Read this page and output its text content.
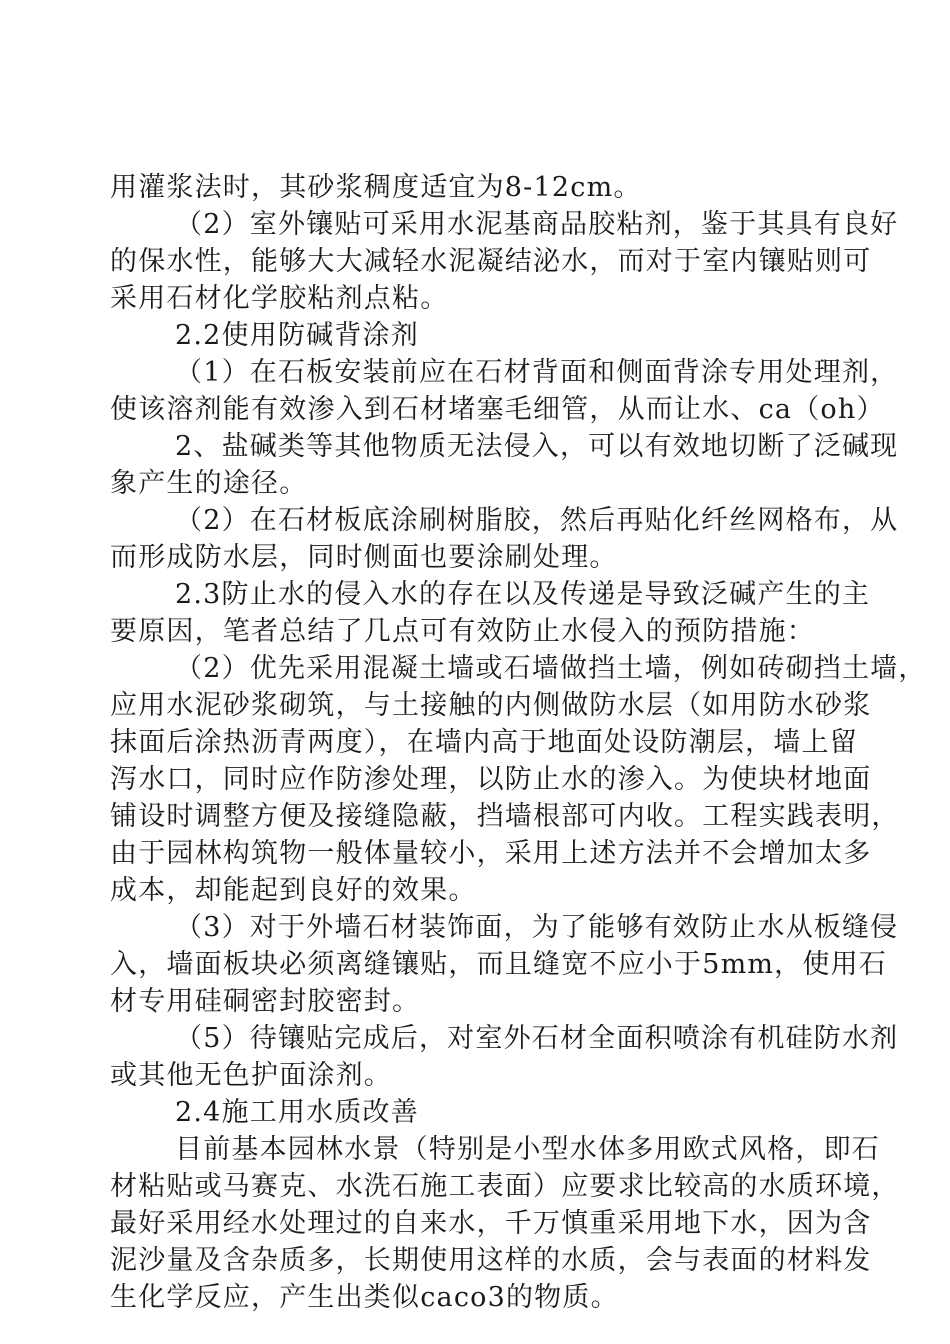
用灌浆法时，其砂浆稠度适宜为8-12cm。
（2）室外镶贴可采用水泥基商品胶粘剂，鉴于其具有良好
的保水性，能够大大减轻水泥凝结泌水，而对于室内镶贴则可
采用石材化学胶粘剂点粘。
2.2使用防碱背涂剂
（1）在石板安装前应在石材背面和侧面背涂专用处理剂，
使该溶剂能有效渗入到石材堵塞毛细管，从而让水、ca（oh）
2、盐碱类等其他物质无法侵入，可以有效地切断了泛碱现
象产生的途径。
（2）在石材板底涂刷树脂胶，然后再贴化纤丝网格布，从
而形成防水层，同时侧面也要涂刷处理。
2.3防止水的侵入水的存在以及传递是导致泛碱产生的主
要原因，笔者总结了几点可有效防止水侵入的预防措施：
（2）优先采用混凝土墙或石墙做挡土墙，例如砖砌挡土墙，
应用水泥砂浆砌筑，与土接触的内侧做防水层（如用防水砂浆
抹面后涂热沥青两度），在墙内高于地面处设防潮层，墙上留
泻水口，同时应作防渗处理，以防止水的渗入。为使块材地面
铺设时调整方便及接缝隐蔽，挡墙根部可内收。工程实践表明，
由于园林构筑物一般体量较小，采用上述方法并不会增加太多
成本，却能起到良好的效果。
（3）对于外墙石材装饰面，为了能够有效防止水从板缝侵
入，墙面板块必须离缝镶贴，而且缝宽不应小于5mm，使用石
材专用硅硐密封胶密封。
（5）待镶贴完成后，对室外石材全面积喷涂有机硅防水剂
或其他无色护面涂剂。
2.4施工用水质改善
目前基本园林水景（特别是小型水体多用欧式风格，即石
材粘贴或马赛克、水洗石施工表面）应要求比较高的水质环境，
最好采用经水处理过的自来水，千万慎重采用地下水，因为含
泥沙量及含杂质多，长期使用这样的水质，会与表面的材料发
生化学反应，产生出类似caco3的物质。
